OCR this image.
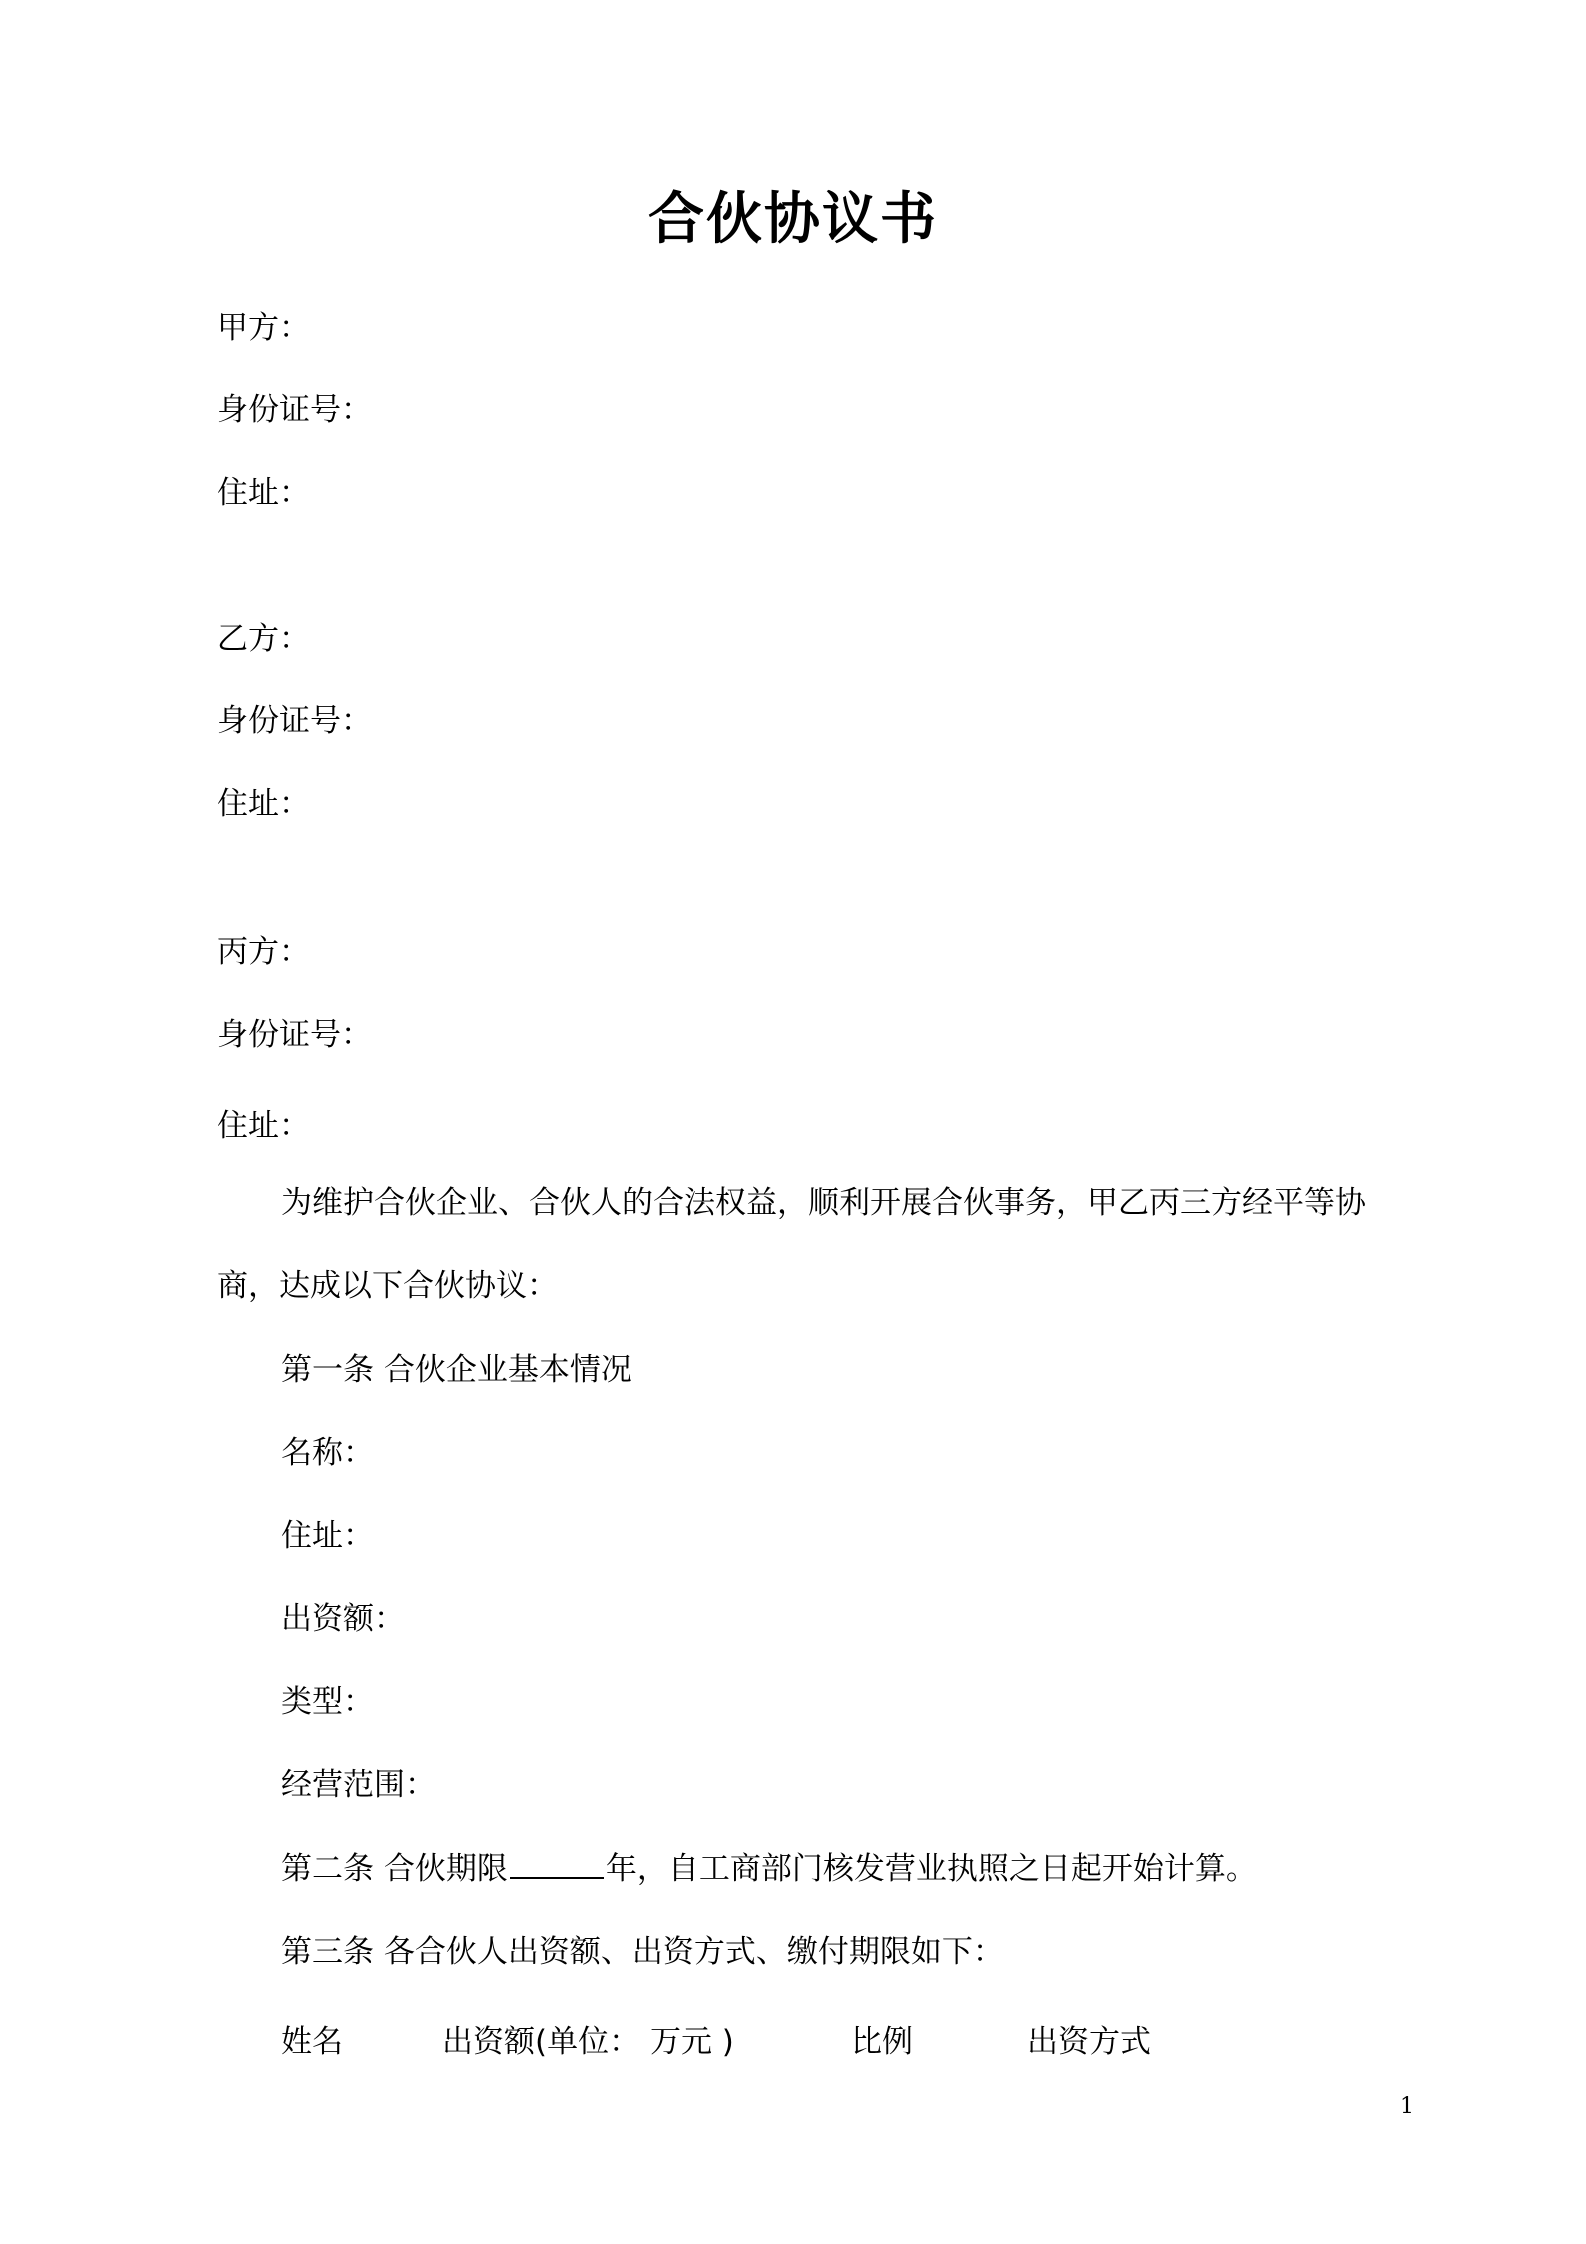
合伙协议书
甲方：
身份证号：
住址：
乙方：
身份证号：
住址：
丙方：
身份证号：
住址：
为维护合伙企业、合伙人的合法权益，顺利开展合伙事务，甲乙丙三方经平等协
商，达成以下合伙协议：
第一条 合伙企业基本情况
名称：
住址：
出资额：
类型：
经营范围：
第二条 合伙期限	年，自工商部门核发营业执照之日起开始计算。
第三条 各合伙人出资额、出资方式、缴付期限如下：
姓名	出资额(单位： 万元 )	比例	出资方式
1
